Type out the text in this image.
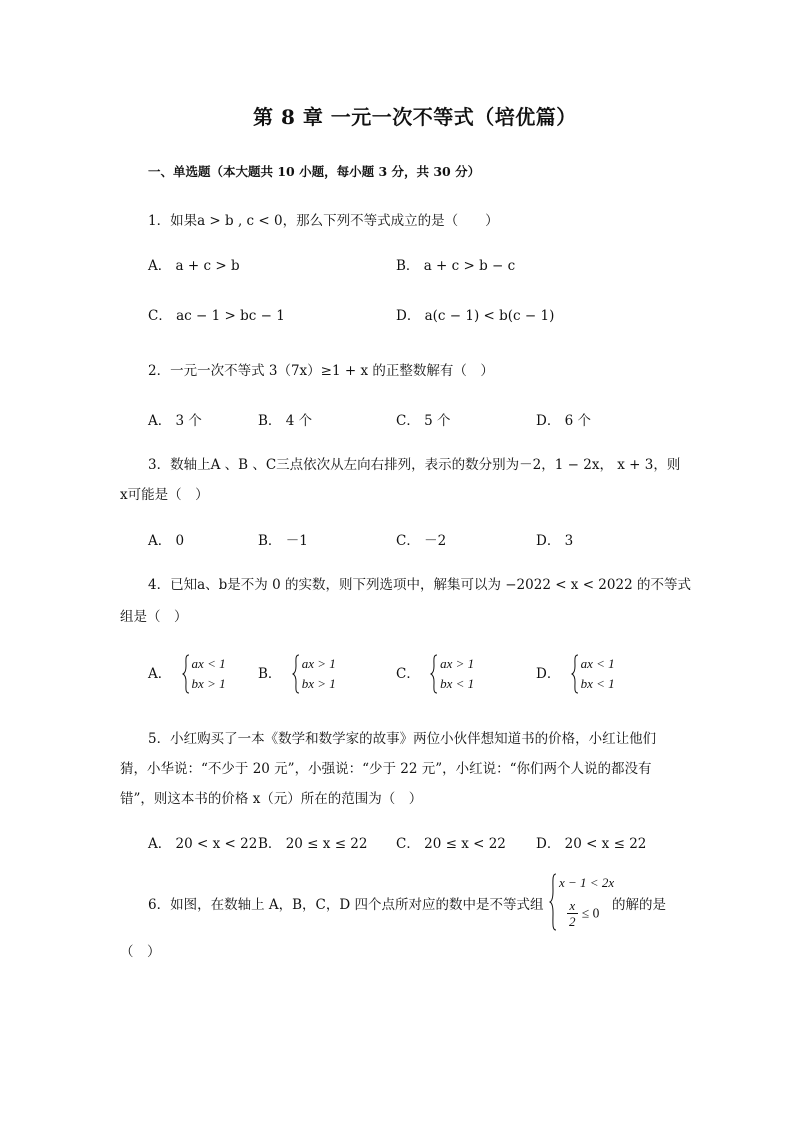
第 8 章 一元一次不等式（培优篇）
一、单选题（本大题共 10 小题，每小题 3 分，共 30 分）
1．如果a > b , c < 0，那么下列不等式成立的是（　　）
A． a + c > b	B． a + c > b − c
C． ac − 1 > bc − 1	D． a(c − 1) < b(c − 1)
2．一元一次不等式 3（7x）≥1 + x 的正整数解有（　）
A． 3 个	B． 4 个	C． 5 个	D． 6 个
3．数轴上A 、B 、C三点依次从左向右排列，表示的数分别为－2，1 − 2x， x + 3，则
x可能是（　）
A． 0	B． －1	C． －2	D． 3
4．已知a、b是不为 0 的实数，则下列选项中，解集可以为 −2022 < x < 2022 的不等式
组是（　）
A．
ax < 1
bx > 1
B．
ax > 1
bx > 1
C．
ax > 1
bx < 1
D．
ax < 1
bx < 1
5．小红购买了一本《数学和数学家的故事》两位小伙伴想知道书的价格，小红让他们
猜，小华说：“不少于 20 元”，小强说：“少于 22 元”，小红说：“你们两个人说的都没有
错”，则这本书的价格 x（元）所在的范围为（　）
A． 20 < x < 22 B． 20 ≤ x ≤ 22 C． 20 ≤ x < 22 D． 20 < x ≤ 22
6．如图，在数轴上 A，B，C，D 四个点所对应的数中是不等式组
x − 1 < 2x
$\frac{x}{2} \le 0$ 的解的是
（　）
